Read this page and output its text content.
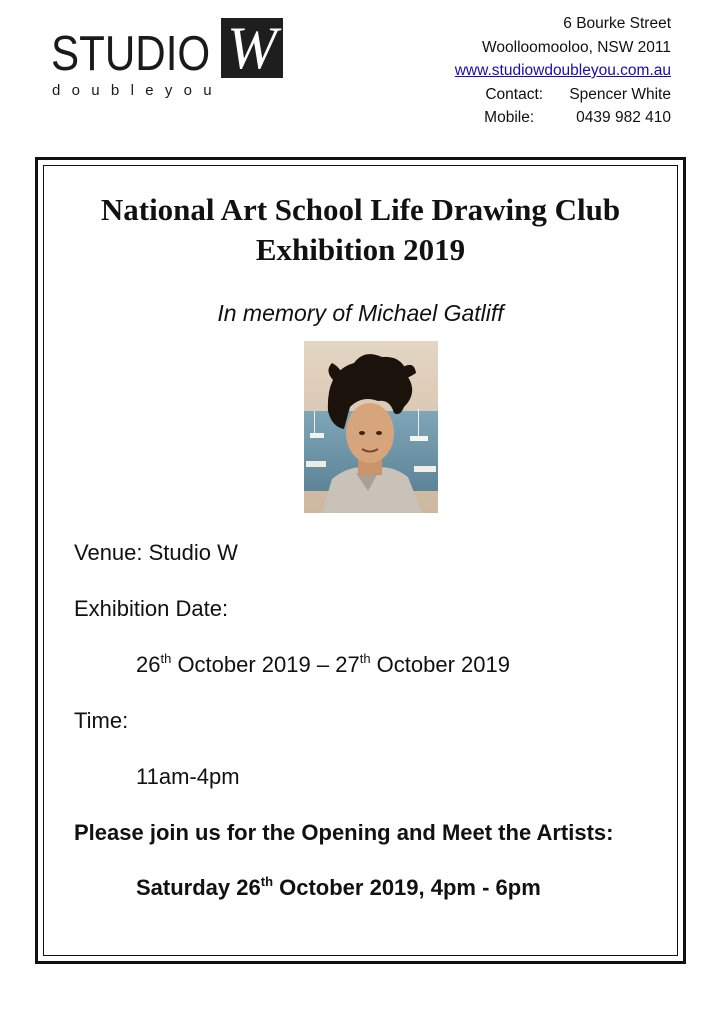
STUDIO W
doubleyou
6 Bourke Street
Woolloomooloo, NSW 2011
www.studiowdoubleyou.com.au
Contact: Spencer White
Mobile:	0439 982 410
National Art School Life Drawing Club
Exhibition 2019
In memory of Michael Gatliff
Venue: Studio W
Exhibition Date:
26th October 2019 – 27th October 2019
Time:
11am-4pm
Please join us for the Opening and Meet the Artists:
Saturday 26th October 2019, 4pm - 6pm
